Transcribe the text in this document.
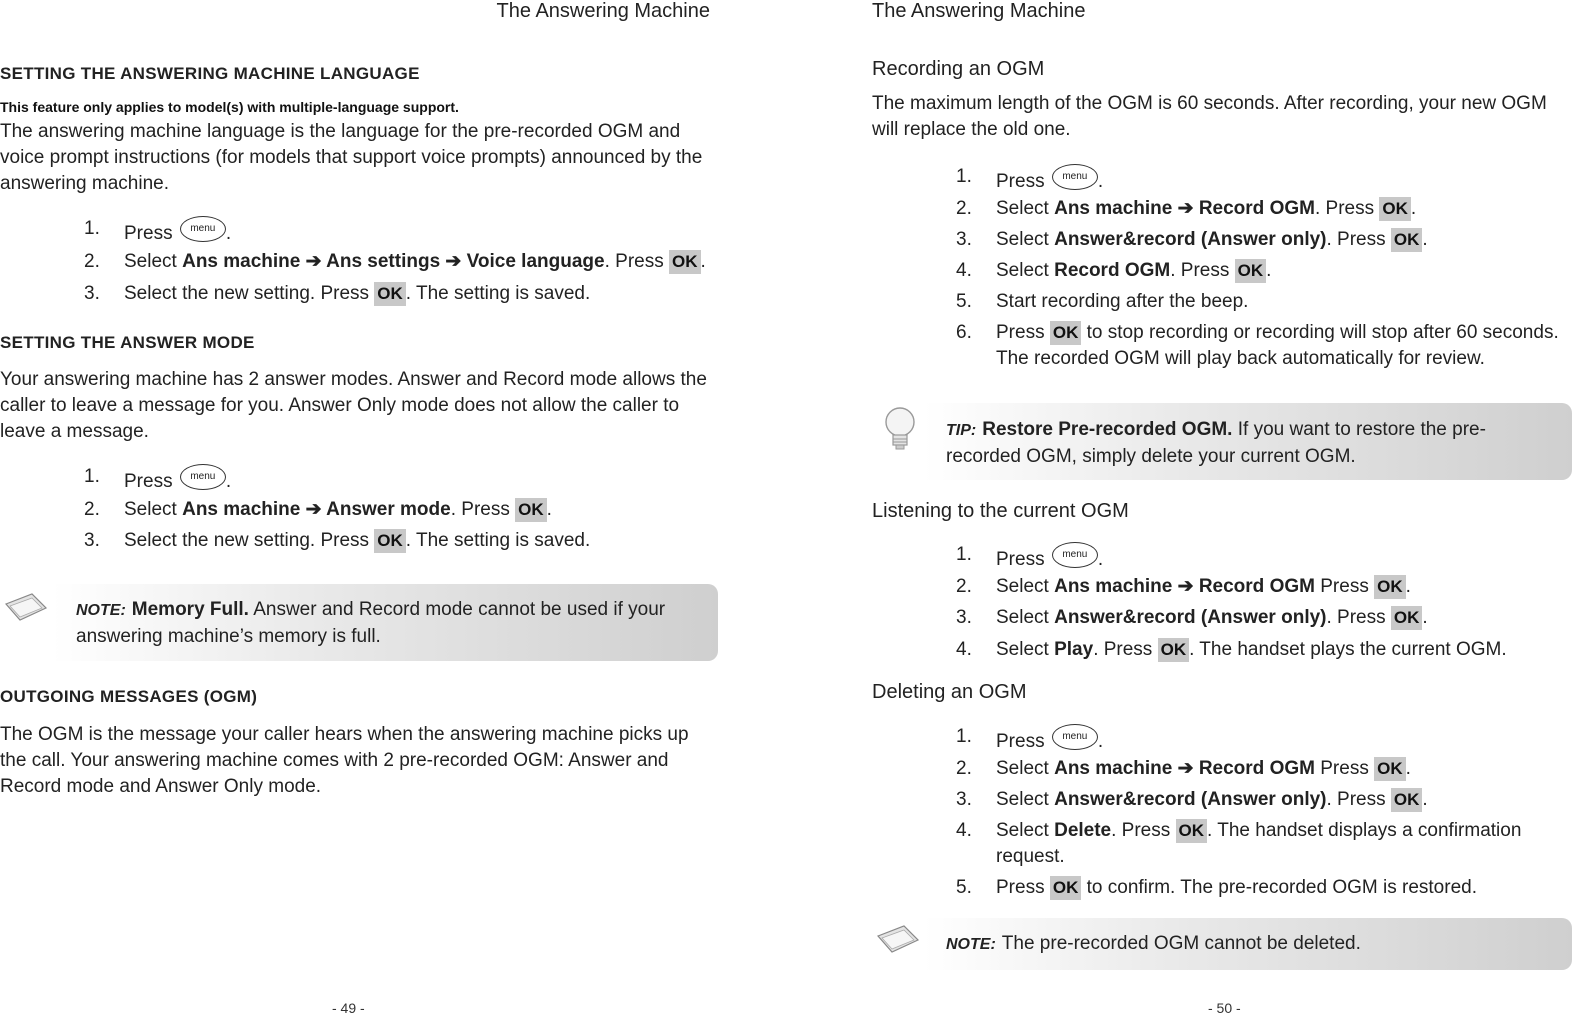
The Answering Machine
SETTING THE ANSWERING MACHINE LANGUAGE
This feature only applies to model(s) with multiple-language support.

The answering machine language is the language for the pre-recorded OGM and voice prompt instructions (for models that support voice prompts) announced by the answering machine.

1. Press menu .
2. Select Ans machine ➔ Ans settings ➔ Voice language. Press OK .
3. Select the new setting. Press OK . The setting is saved.
SETTING THE ANSWER MODE

Your answering machine has 2 answer modes. Answer and Record mode allows the caller to leave a message for you. Answer Only mode does not allow the caller to leave a message.

1. Press menu .
2. Select Ans machine ➔ Answer mode. Press OK .
3. Select the new setting. Press OK . The setting is saved.
NOTE: Memory Full. Answer and Record mode cannot be used if your answering machine’s memory is full.
OUTGOING MESSAGES (OGM)

The OGM is the message your caller hears when the answering machine picks up the call. Your answering machine comes with 2 pre-recorded OGM: Answer and Record mode and Answer Only mode.

- 49 -
The Answering Machine
Recording an OGM

The maximum length of the OGM is 60 seconds. After recording, your new OGM will replace the old one.

1. Press menu .
2. Select Ans machine ➔ Record OGM. Press OK .
3. Select Answer&record (Answer only). Press OK .
4. Select Record OGM. Press OK .
5. Start recording after the beep.
6. Press OK to stop recording or recording will stop after 60 seconds. The recorded OGM will play back automatically for review.
TIP: Restore Pre-recorded OGM. If you want to restore the pre-recorded OGM, simply delete your current OGM.
Listening to the current OGM
1. Press menu .
2. Select Ans machine ➔ Record OGM Press OK .
3. Select Answer&record (Answer only). Press OK .
4. Select Play. Press OK . The handset plays the current OGM.
Deleting an OGM
1. Press menu .
2. Select Ans machine ➔ Record OGM Press OK .
3. Select Answer&record (Answer only). Press OK .
4. Select Delete. Press OK . The handset displays a confirmation request.
5. Press OK to confirm. The pre-recorded OGM is restored.
NOTE: The pre-recorded OGM cannot be deleted.
- 50 -
